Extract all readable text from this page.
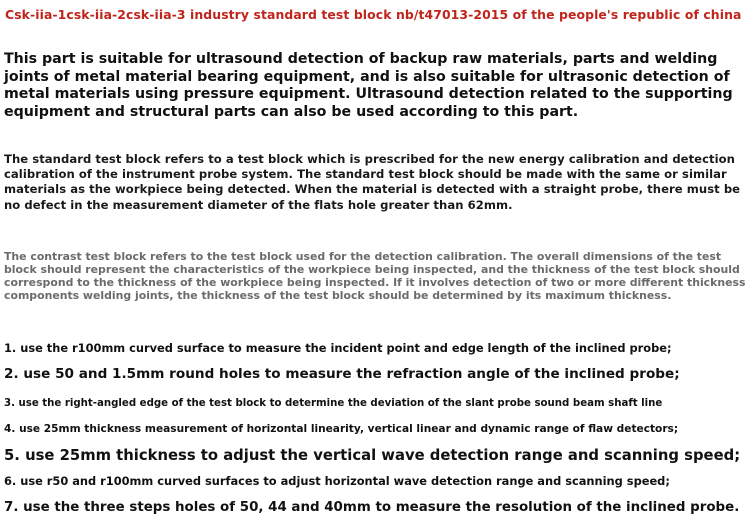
Csk-iia-1csk-iia-2csk-iia-3 industry standard test block nb/t47013-2015 of the people's republic of china

This part is suitable for ultrasound detection of backup raw materials, parts and welding joints of metal material bearing equipment, and is also suitable for ultrasonic detection of metal materials using pressure equipment. Ultrasound detection related to the supporting equipment and structural parts can also be used according to this part.

The standard test block refers to a test block which is prescribed for the new energy calibration and detection calibration of the instrument probe system. The standard test block should be made with the same or similar materials as the workpiece being detected. When the material is detected with a straight probe, there must be no defect in the measurement diameter of the flats hole greater than 62mm.

The contrast test block refers to the test block used for the detection calibration. The overall dimensions of the test block should represent the characteristics of the workpiece being inspected, and the thickness of the test block should correspond to the thickness of the workpiece being inspected. If it involves detection of two or more different thickness components welding joints, the thickness of the test block should be determined by its maximum thickness.

1. use the r100mm curved surface to measure the incident point and edge length of the inclined probe;
2. use 50 and 1.5mm round holes to measure the refraction angle of the inclined probe;
3. use the right-angled edge of the test block to determine the deviation of the slant probe sound beam shaft line
4. use 25mm thickness measurement of horizontal linearity, vertical linear and dynamic range of flaw detectors;
5. use 25mm thickness to adjust the vertical wave detection range and scanning speed;
6. use r50 and r100mm curved surfaces to adjust horizontal wave detection range and scanning speed;
7. use the three steps holes of 50, 44 and 40mm to measure the resolution of the inclined probe.
